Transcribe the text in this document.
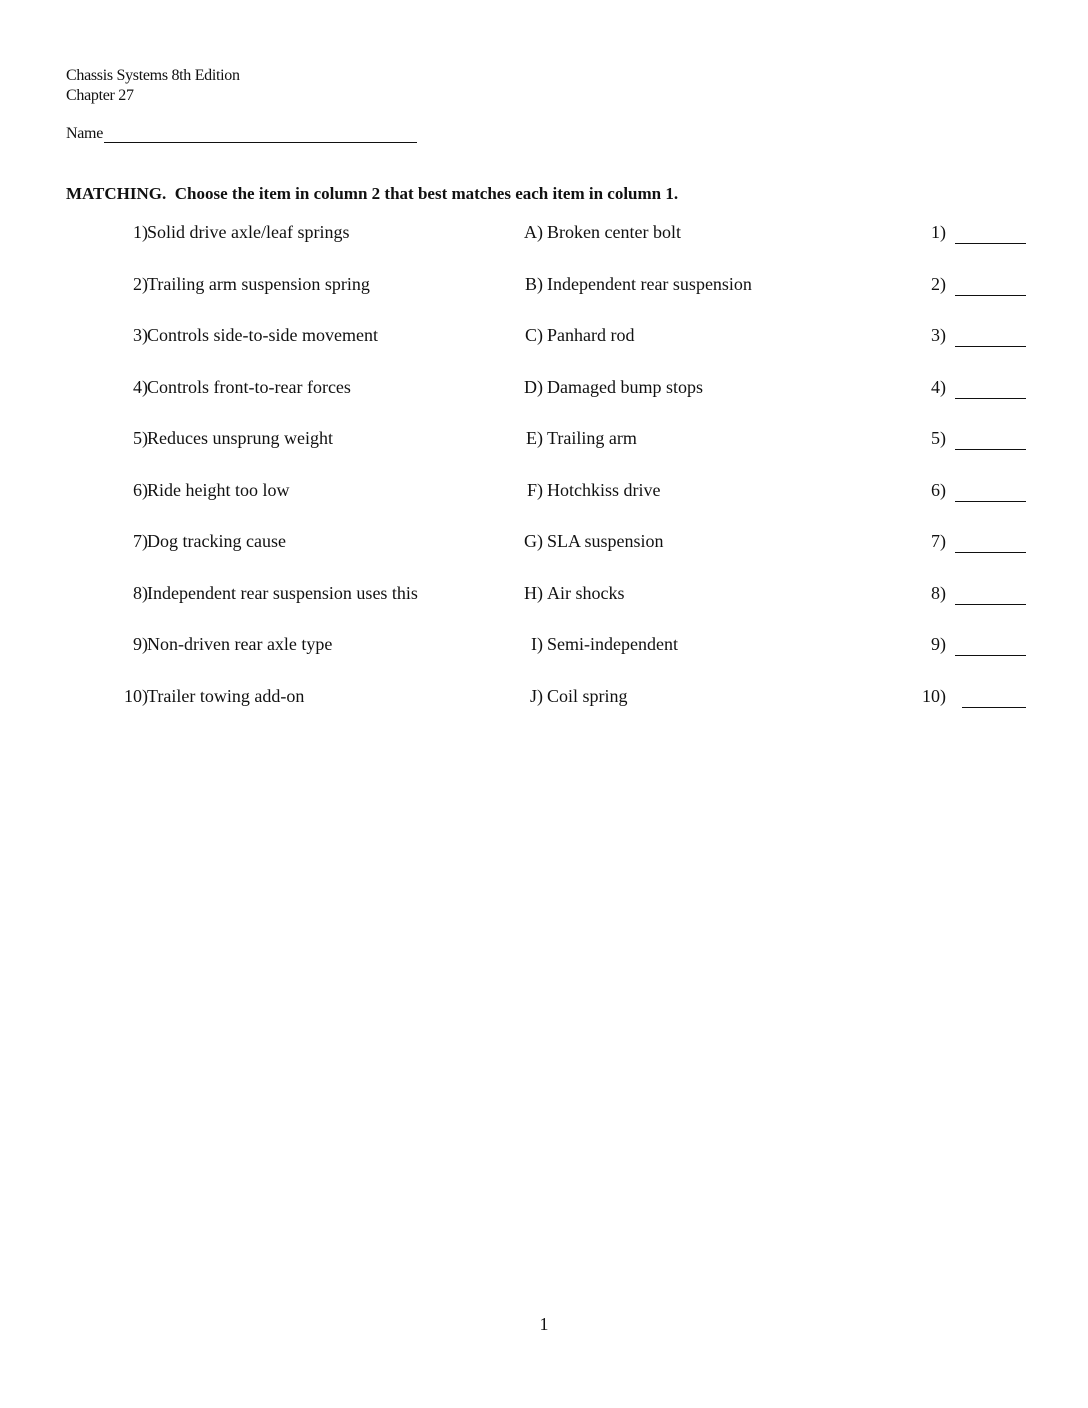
Chassis Systems 8th Edition
Chapter 27
Name
MATCHING.  Choose the item in column 2 that best matches each item in column 1.
1) Solid drive axle/leaf springs	A) Broken center bolt	1)
2) Trailing arm suspension spring	B) Independent rear suspension	2)
3) Controls side-to-side movement	C) Panhard rod	3)
4) Controls front-to-rear forces	D) Damaged bump stops	4)
5) Reduces unsprung weight	E) Trailing arm	5)
6) Ride height too low	F) Hotchkiss drive	6)
7) Dog tracking cause	G) SLA suspension	7)
8) Independent rear suspension uses this	H) Air shocks	8)
9) Non-driven rear axle type	I) Semi-independent	9)
10) Trailer towing add-on	J) Coil spring	10)
1
